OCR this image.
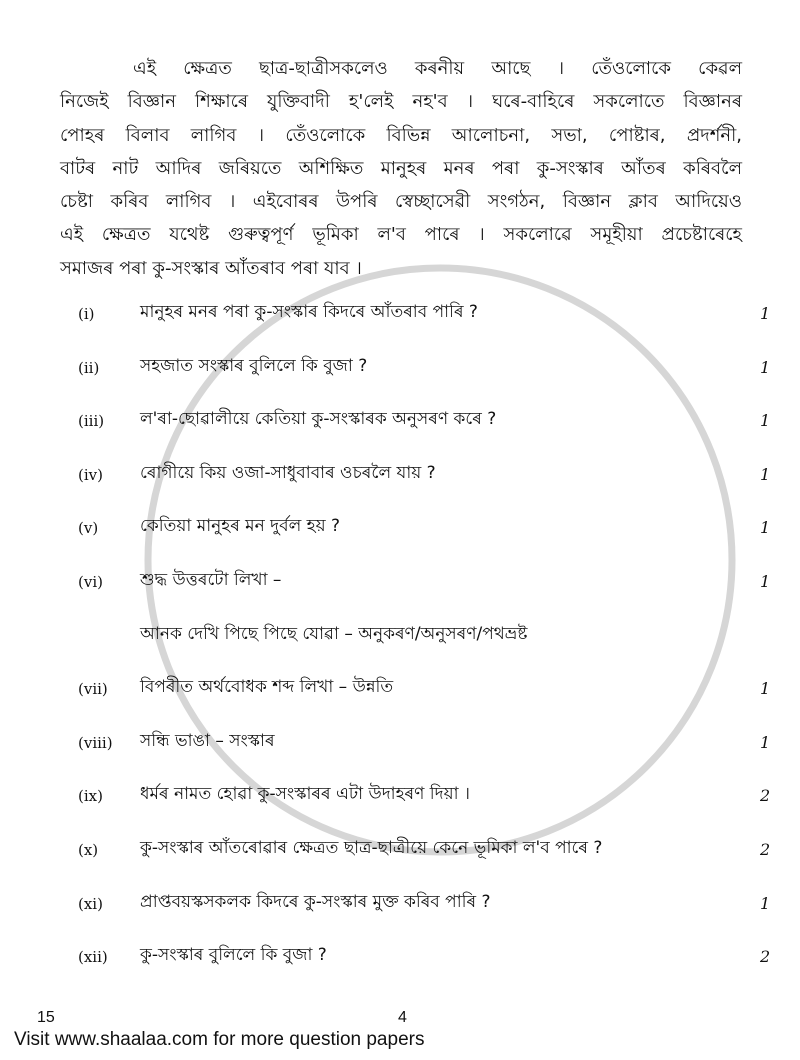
এই ক্ষেত্ৰত ছাত্ৰ-ছাত্ৰীসকলেও কৰনীয় আছে । তেঁওলোকে কেৱল
নিজেই বিজ্ঞান শিক্ষাৰে যুক্তিবাদী হ'লেই নহ'ব । ঘৰে-বাহিৰে সকলোতে বিজ্ঞানৰ
পোহৰ বিলাব লাগিব । তেঁওলোকে বিভিন্ন আলোচনা, সভা, পোষ্টাৰ, প্ৰদৰ্শনী,
বাটৰ নাট আদিৰ জৰিয়তে অশিক্ষিত মানুহৰ মনৰ পৰা কু-সংস্কাৰ আঁতৰ কৰিবলৈ
চেষ্টা কৰিব লাগিব । এইবোৰৰ উপৰি স্বেচ্ছাসেৱী সংগঠন, বিজ্ঞান ক্লাব আদিয়েও
এই ক্ষেত্ৰত যথেষ্ট গুৰুত্বপূৰ্ণ ভূমিকা ল'ব পাৰে । সকলোৱে সমূহীয়া প্ৰচেষ্টাৰেহে
সমাজৰ পৰা কু-সংস্কাৰ আঁতৰাব পৰা যাব ।
(i)	মানুহৰ মনৰ পৰা কু-সংস্কাৰ কিদৰে আঁতৰাব পাৰি ?	1
(ii)	সহজাত সংস্কাৰ বুলিলে কি বুজা ?	1
(iii)	ল'ৰা-ছোৱালীয়ে কেতিয়া কু-সংস্কাৰক অনুসৰণ কৰে ?	1
(iv)	ৰোগীয়ে কিয় ওজা-সাধুবাবাৰ ওচৰলৈ যায় ?	1
(v)	কেতিয়া মানুহৰ মন দুৰ্বল হয় ?	1
(vi)	শুদ্ধ উত্তৰটো লিখা –	1
আনক দেখি পিছে পিছে যোৱা – অনুকৰণ/অনুসৰণ/পথভ্ৰষ্ট
(vii)	বিপৰীত অৰ্থবোধক শব্দ লিখা – উন্নতি	1
(viii)	সন্ধি ভাঙা – সংস্কাৰ	1
(ix)	ধৰ্মৰ নামত হোৱা কু-সংস্কাৰৰ এটা উদাহৰণ দিয়া ।	2
(x)	কু-সংস্কাৰ আঁতৰোৱাৰ ক্ষেত্ৰত ছাত্ৰ-ছাত্ৰীয়ে কেনে ভূমিকা ল'ব পাৰে ?	2
(xi)	প্ৰাপ্তবয়স্কসকলক কিদৰে কু-সংস্কাৰ মুক্ত কৰিব পাৰি ?	1
(xii)	কু-সংস্কাৰ বুলিলে কি বুজা ?	2
15	4
Visit www.shaalaa.com for more question papers
